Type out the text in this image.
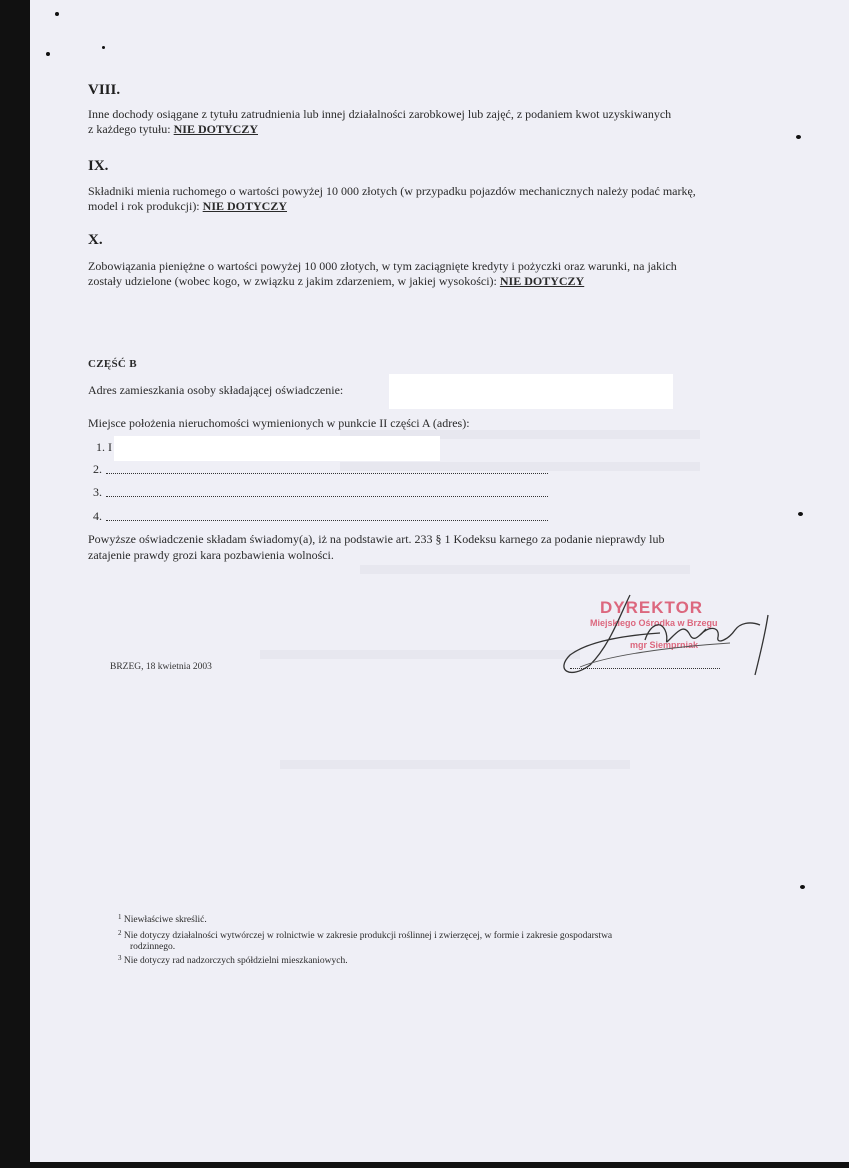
VIII.
Inne dochody osiągane z tytułu zatrudnienia lub innej działalności zarobkowej lub zajęć, z podaniem kwot uzyskiwanych
z każdego tytułu: NIE DOTYCZY
IX.
Składniki mienia ruchomego o wartości powyżej 10 000 złotych (w przypadku pojazdów mechanicznych należy podać markę,
model i rok produkcji): NIE DOTYCZY
X.
Zobowiązania pieniężne o wartości powyżej 10 000 złotych, w tym zaciągnięte kredyty i pożyczki oraz warunki, na jakich
zostały udzielone (wobec kogo, w związku z jakim zdarzeniem, w jakiej wysokości): NIE DOTYCZY
CZĘŚĆ B
Adres zamieszkania osoby składającej oświadczenie:
Miejsce położenia nieruchomości wymienionych w punkcie II części A (adres):
1. I
2.
3.
4.
Powyższe oświadczenie składam świadomy(a), iż na podstawie art. 233 § 1 Kodeksu karnego za podanie nieprawdy lub
zatajenie prawdy grozi kara pozbawienia wolności.
BRZEG, 18 kwietnia 2003
DYREKTOR
Miejskiego Ośrodka w Brzegu
mgr Siemprniak
$^1$ Niewłaściwe skreślić.
$^2$ Nie dotyczy działalności wytwórczej w rolnictwie w zakresie produkcji roślinnej i zwierzęcej, w formie i zakresie gospodarstwa
rodzinnego.
$^3$ Nie dotyczy rad nadzorczych spółdzielni mieszkaniowych.
